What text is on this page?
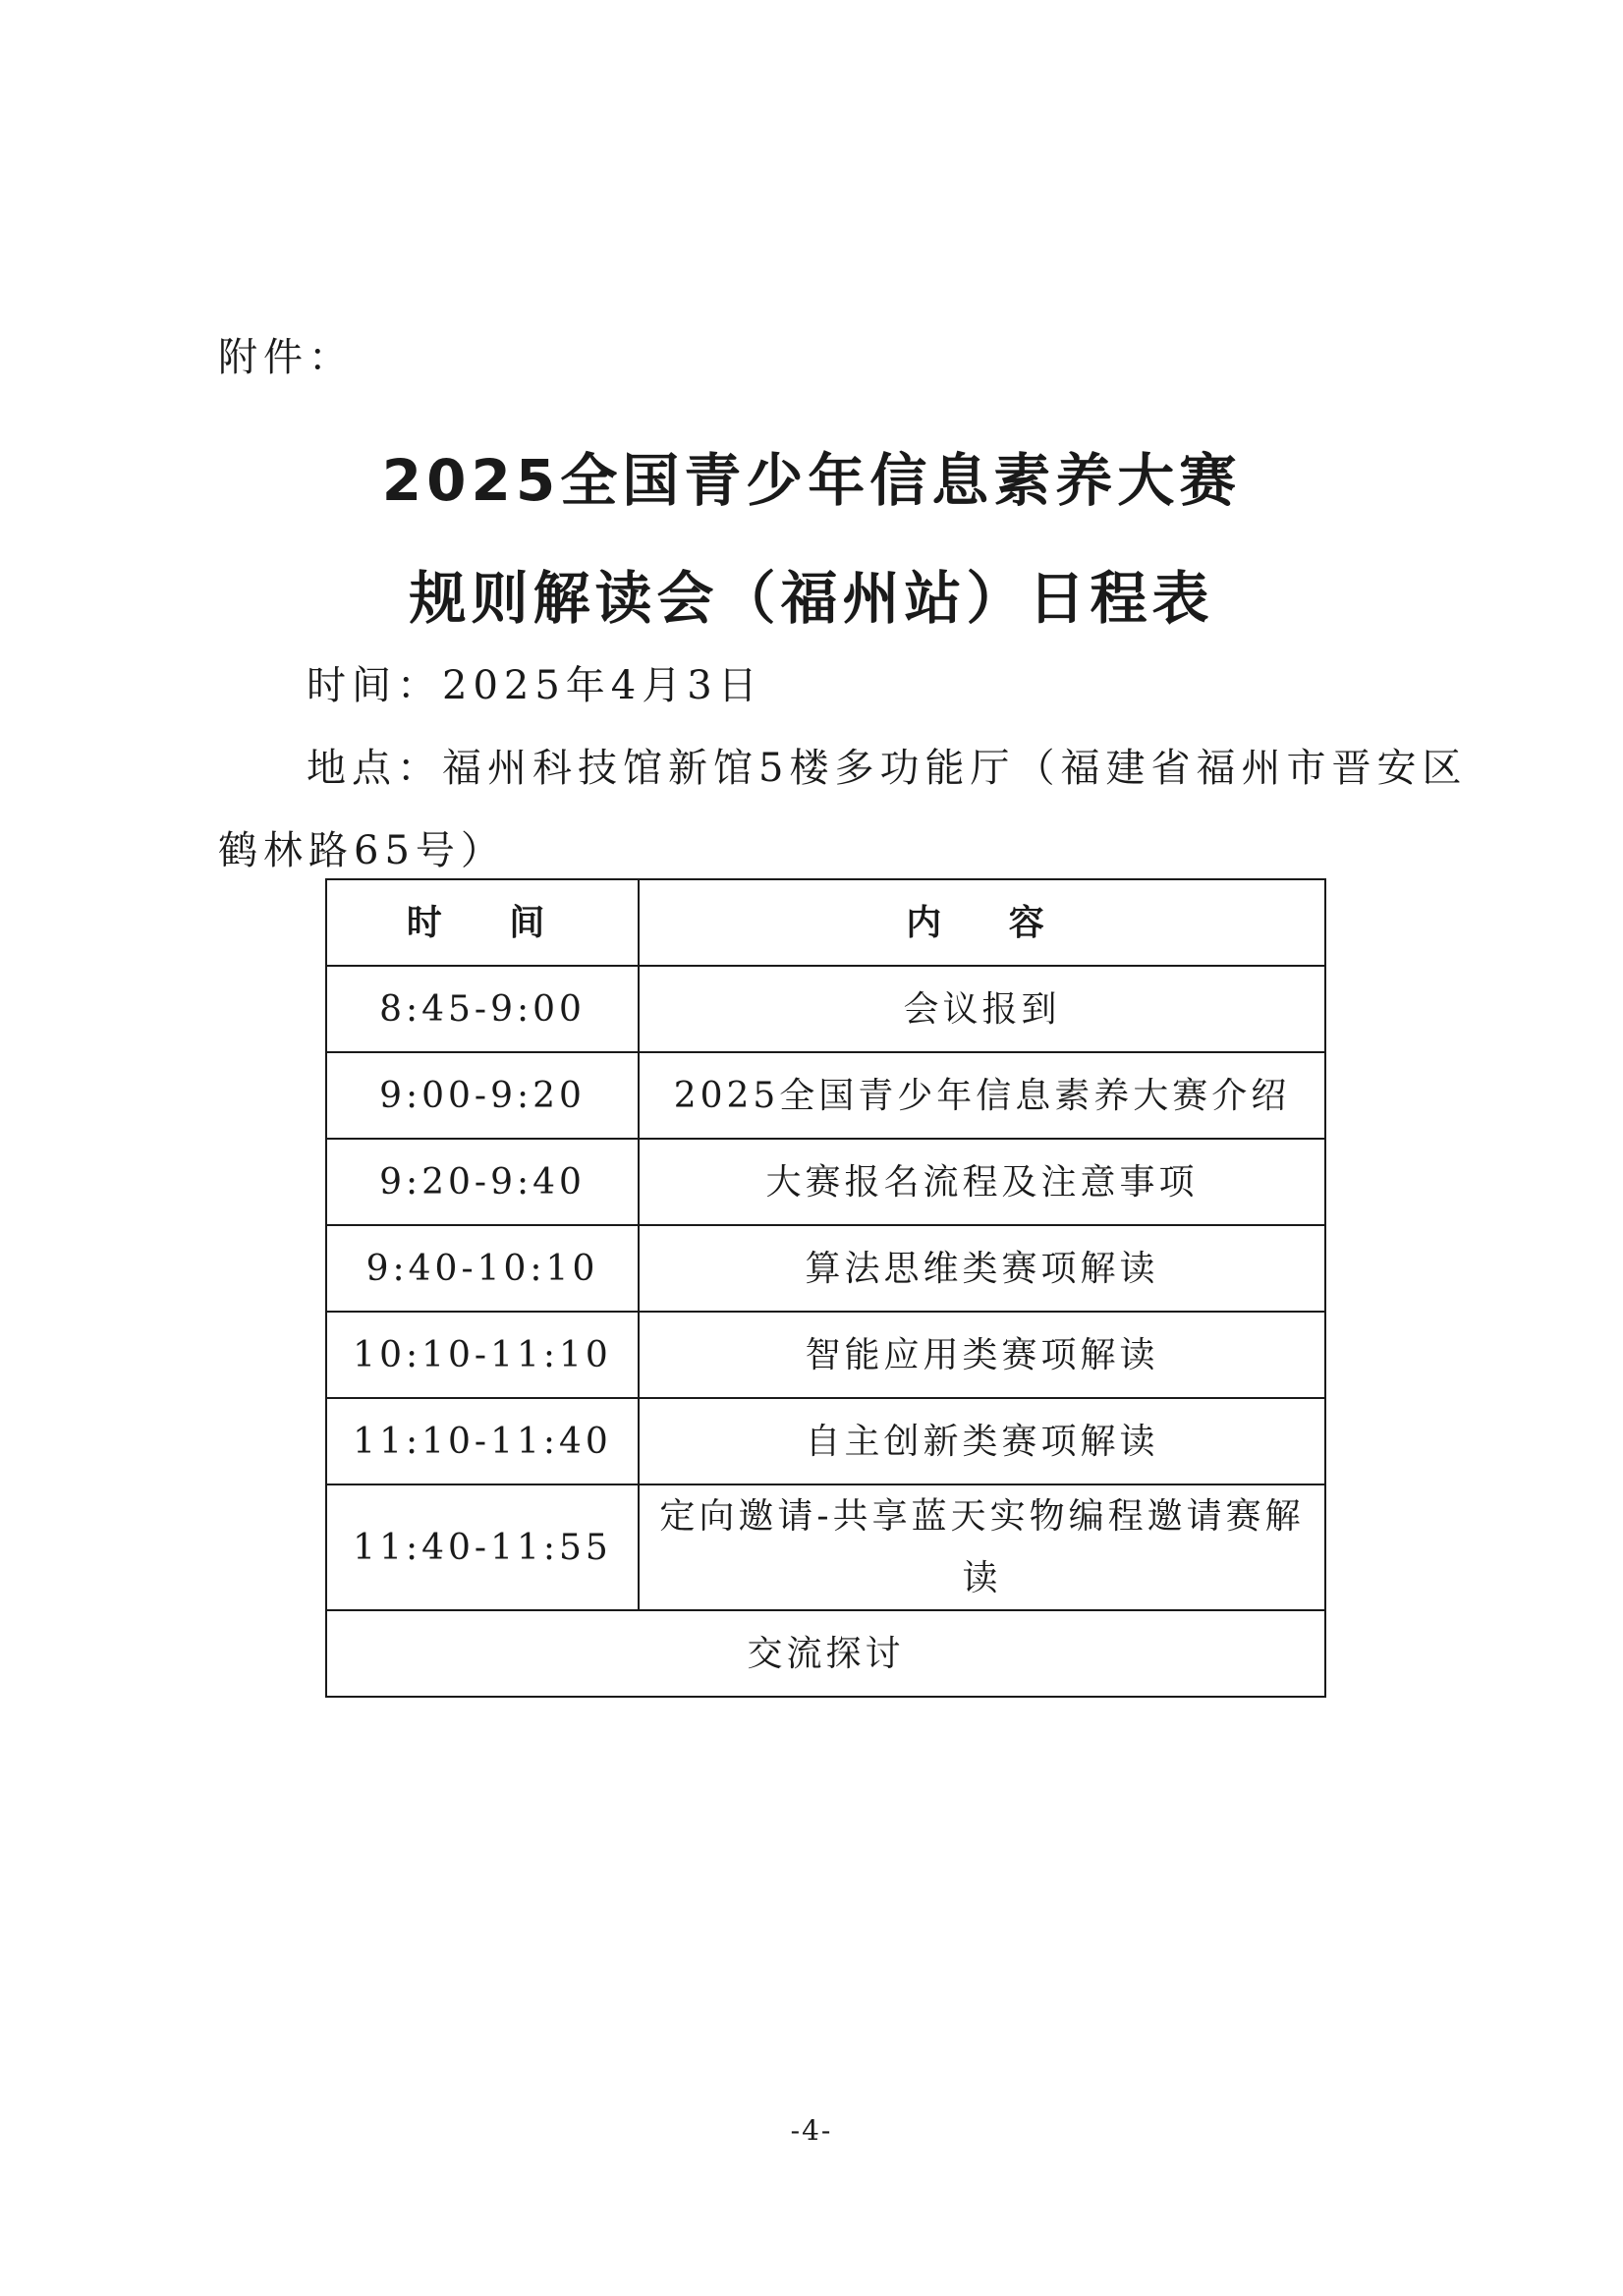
附件：

2025全国青少年信息素养大赛
规则解读会（福州站）日程表

时间：2025年4月3日

地点：福州科技馆新馆5楼多功能厅（福建省福州市晋安区

鹤林路65号）

时 间	内 容
8:45-9:00	会议报到
9:00-9:20	2025全国青少年信息素养大赛介绍
9:20-9:40	大赛报名流程及注意事项
9:40-10:10	算法思维类赛项解读
10:10-11:10	智能应用类赛项解读
11:10-11:40	自主创新类赛项解读
11:40-11:55	定向邀请-共享蓝天实物编程邀请赛解读
交流探讨	

-4-
